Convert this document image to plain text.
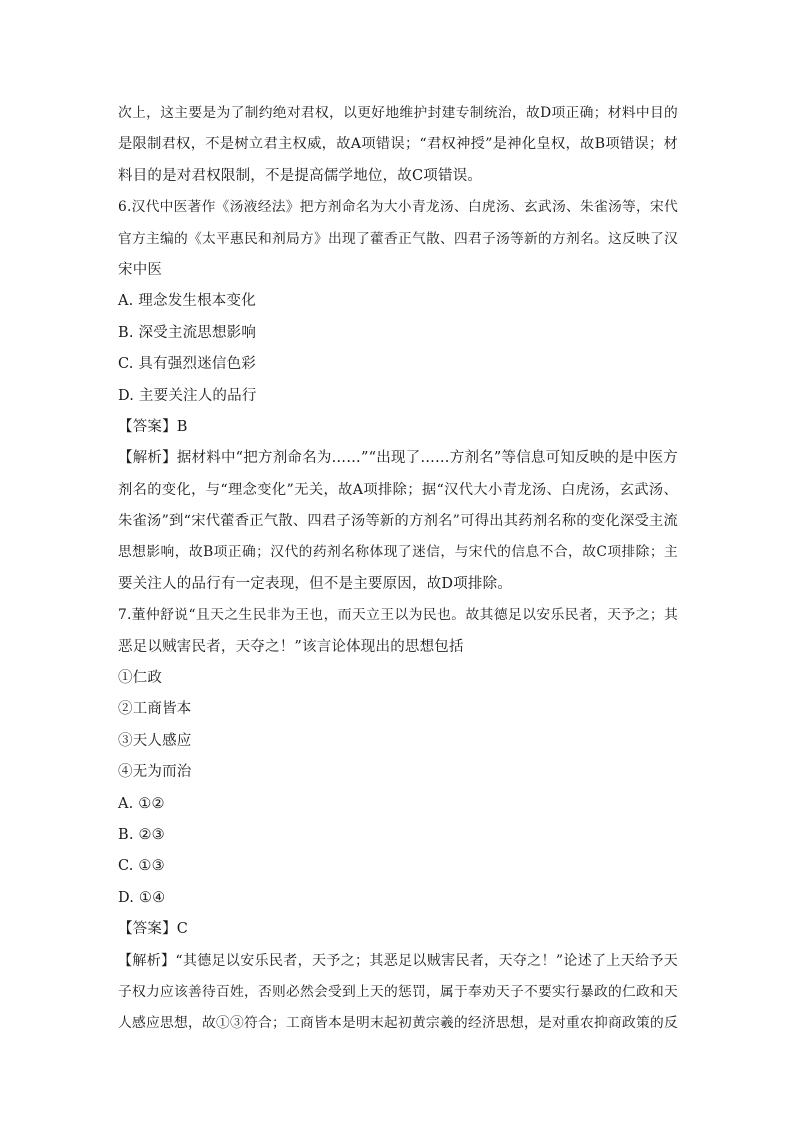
次上，这主要是为了制约绝对君权，以更好地维护封建专制统治，故D项正确；材料中目的
是限制君权，不是树立君主权威，故A项错误；“君权神授”是神化皇权，故B项错误；材
料目的是对君权限制，不是提高儒学地位，故C项错误。
6.汉代中医著作《汤液经法》把方剂命名为大小青龙汤、白虎汤、玄武汤、朱雀汤等，宋代
官方主编的《太平惠民和剂局方》出现了藿香正气散、四君子汤等新的方剂名。这反映了汉
宋中医
A. 理念发生根本变化
B. 深受主流思想影响
C. 具有强烈迷信色彩
D. 主要关注人的品行
【答案】B
【解析】据材料中“把方剂命名为……”“出现了……方剂名”等信息可知反映的是中医方
剂名的变化，与“理念变化”无关，故A项排除；据“汉代大小青龙汤、白虎汤，玄武汤、
朱雀汤”到“宋代藿香正气散、四君子汤等新的方剂名”可得出其药剂名称的变化深受主流
思想影响，故B项正确；汉代的药剂名称体现了迷信，与宋代的信息不合，故C项排除；主
要关注人的品行有一定表现，但不是主要原因，故D项排除。
7.董仲舒说“且天之生民非为王也，而天立王以为民也。故其德足以安乐民者，天予之；其
恶足以贼害民者，天夺之！”该言论体现出的思想包括
①仁政
②工商皆本
③天人感应
④无为而治
A. ①②
B. ②③
C. ①③
D. ①④
【答案】C
【解析】“其德足以安乐民者，天予之；其恶足以贼害民者，天夺之！”论述了上天给予天
子权力应该善待百姓，否则必然会受到上天的惩罚，属于奉劝天子不要实行暴政的仁政和天
人感应思想，故①③符合；工商皆本是明末起初黄宗羲的经济思想，是对重农抑商政策的反
